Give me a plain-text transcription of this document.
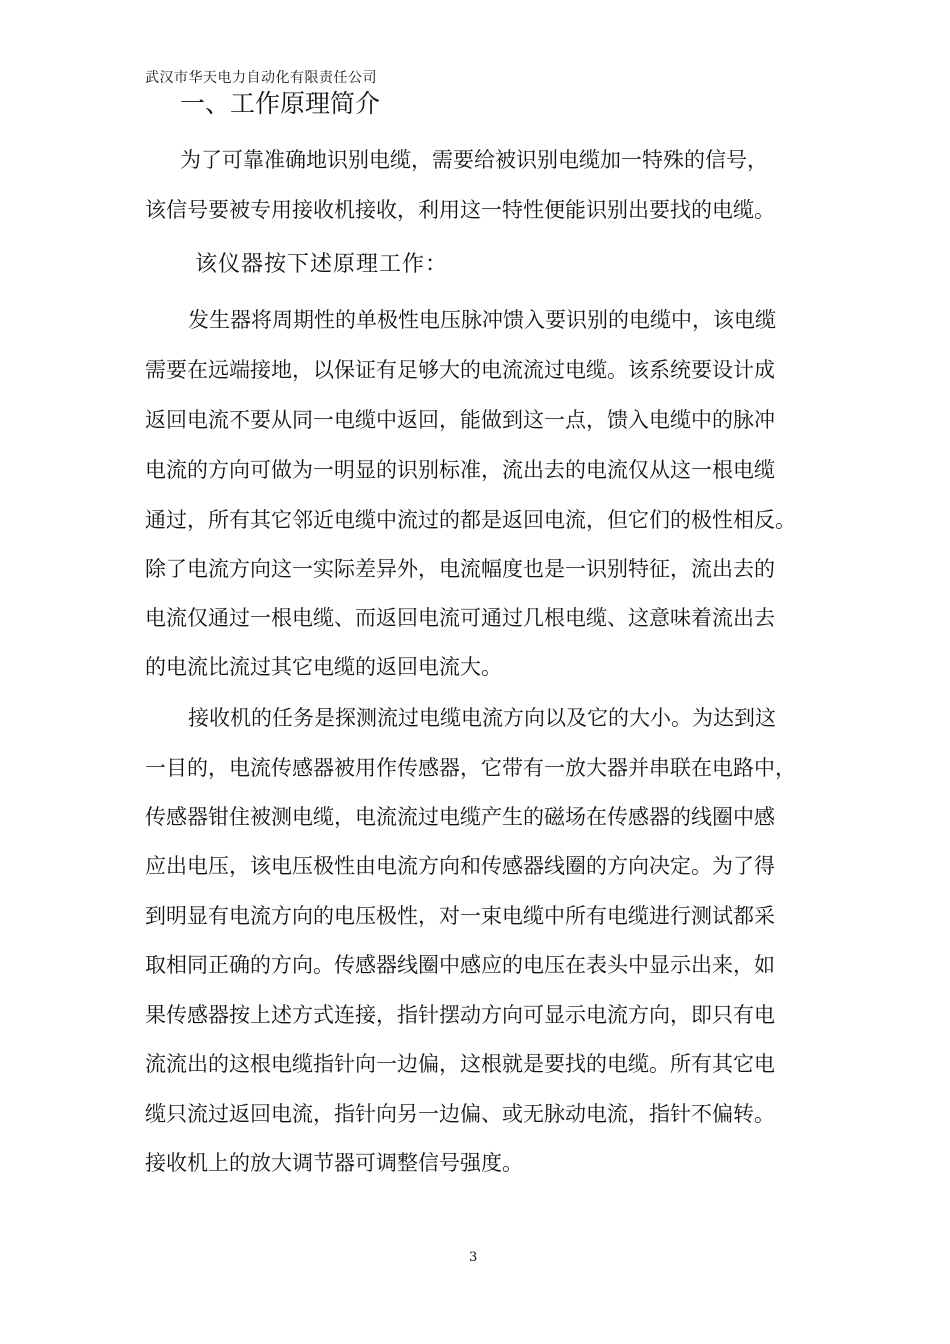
武汉市华天电力自动化有限责任公司
一、工作原理简介
为了可靠准确地识别电缆，需要给被识别电缆加一特殊的信号，
该信号要被专用接收机接收，利用这一特性便能识别出要找的电缆。
该仪器按下述原理工作：
发生器将周期性的单极性电压脉冲馈入要识别的电缆中，该电缆
需要在远端接地，以保证有足够大的电流流过电缆。该系统要设计成
返回电流不要从同一电缆中返回，能做到这一点，馈入电缆中的脉冲
电流的方向可做为一明显的识别标准，流出去的电流仅从这一根电缆
通过，所有其它邻近电缆中流过的都是返回电流，但它们的极性相反。
除了电流方向这一实际差异外，电流幅度也是一识别特征，流出去的
电流仅通过一根电缆、而返回电流可通过几根电缆、这意味着流出去
的电流比流过其它电缆的返回电流大。
接收机的任务是探测流过电缆电流方向以及它的大小。为达到这
一目的，电流传感器被用作传感器，它带有一放大器并串联在电路中，
传感器钳住被测电缆，电流流过电缆产生的磁场在传感器的线圈中感
应出电压，该电压极性由电流方向和传感器线圈的方向决定。为了得
到明显有电流方向的电压极性，对一束电缆中所有电缆进行测试都采
取相同正确的方向。传感器线圈中感应的电压在表头中显示出来，如
果传感器按上述方式连接，指针摆动方向可显示电流方向，即只有电
流流出的这根电缆指针向一边偏，这根就是要找的电缆。所有其它电
缆只流过返回电流，指针向另一边偏、或无脉动电流，指针不偏转。
接收机上的放大调节器可调整信号强度。
3
